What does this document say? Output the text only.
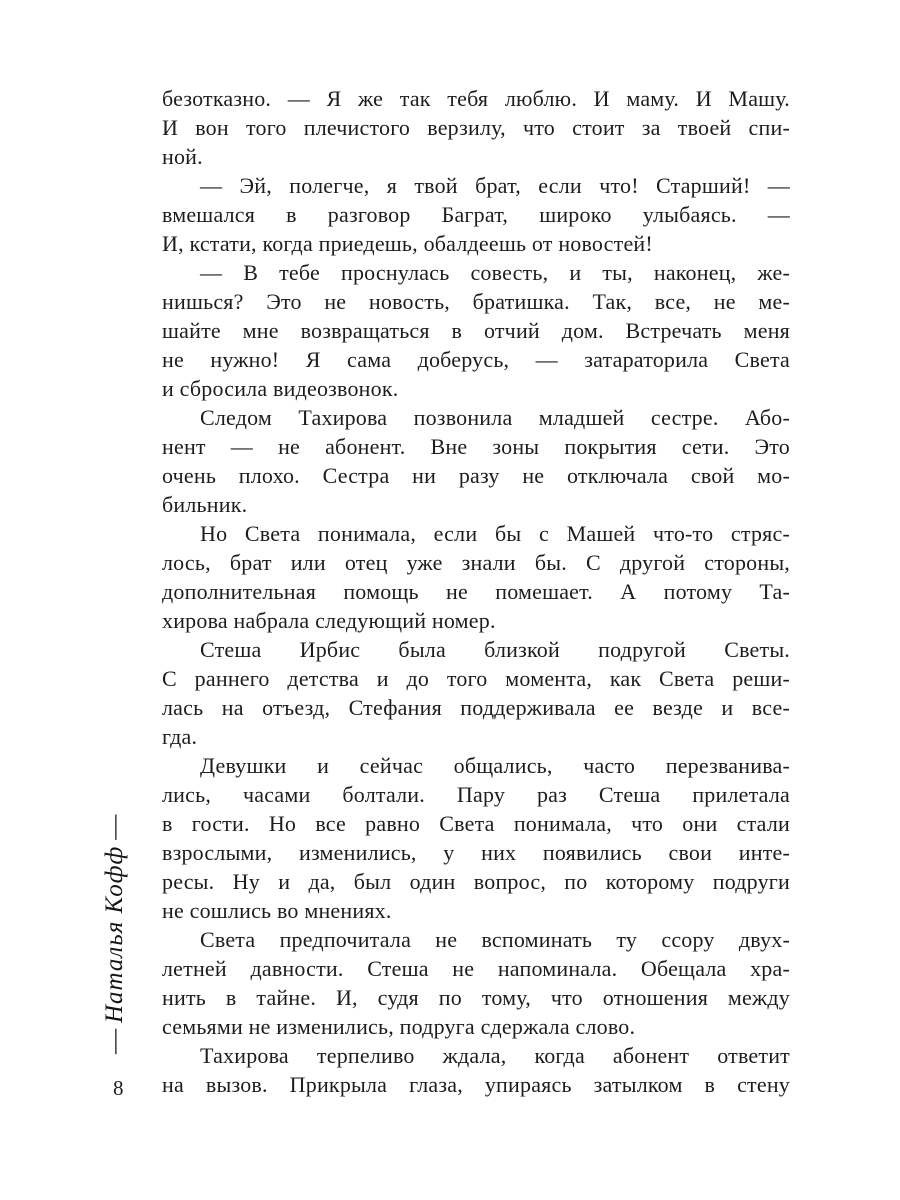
—Наталья Кофф—
8
безотказно. — Я же так тебя люблю. И маму. И Машу.
И вон того плечистого верзилу, что стоит за твоей спи-
ной.
— Эй, полегче, я твой брат, если что! Старший! —
вмешался в разговор Баграт, широко улыбаясь. —
И, кстати, когда приедешь, обалдеешь от новостей!
— В тебе проснулась совесть, и ты, наконец, же-
нишься? Это не новость, братишка. Так, все, не ме-
шайте мне возвращаться в отчий дом. Встречать меня
не нужно! Я сама доберусь, — затараторила Света
и сбросила видеозвонок.
Следом Тахирова позвонила младшей сестре. Або-
нент — не абонент. Вне зоны покрытия сети. Это
очень плохо. Сестра ни разу не отключала свой мо-
бильник.
Но Света понимала, если бы с Машей что-то стряс-
лось, брат или отец уже знали бы. С другой стороны,
дополнительная помощь не помешает. А потому Та-
хирова набрала следующий номер.
Стеша Ирбис была близкой подругой Светы.
С раннего детства и до того момента, как Света реши-
лась на отъезд, Стефания поддерживала ее везде и все-
гда.
Девушки и сейчас общались, часто перезванива-
лись, часами болтали. Пару раз Стеша прилетала
в гости. Но все равно Света понимала, что они стали
взрослыми, изменились, у них появились свои инте-
ресы. Ну и да, был один вопрос, по которому подруги
не сошлись во мнениях.
Света предпочитала не вспоминать ту ссору двух-
летней давности. Стеша не напоминала. Обещала хра-
нить в тайне. И, судя по тому, что отношения между
семьями не изменились, подруга сдержала слово.
Тахирова терпеливо ждала, когда абонент ответит
на вызов. Прикрыла глаза, упираясь затылком в стену
